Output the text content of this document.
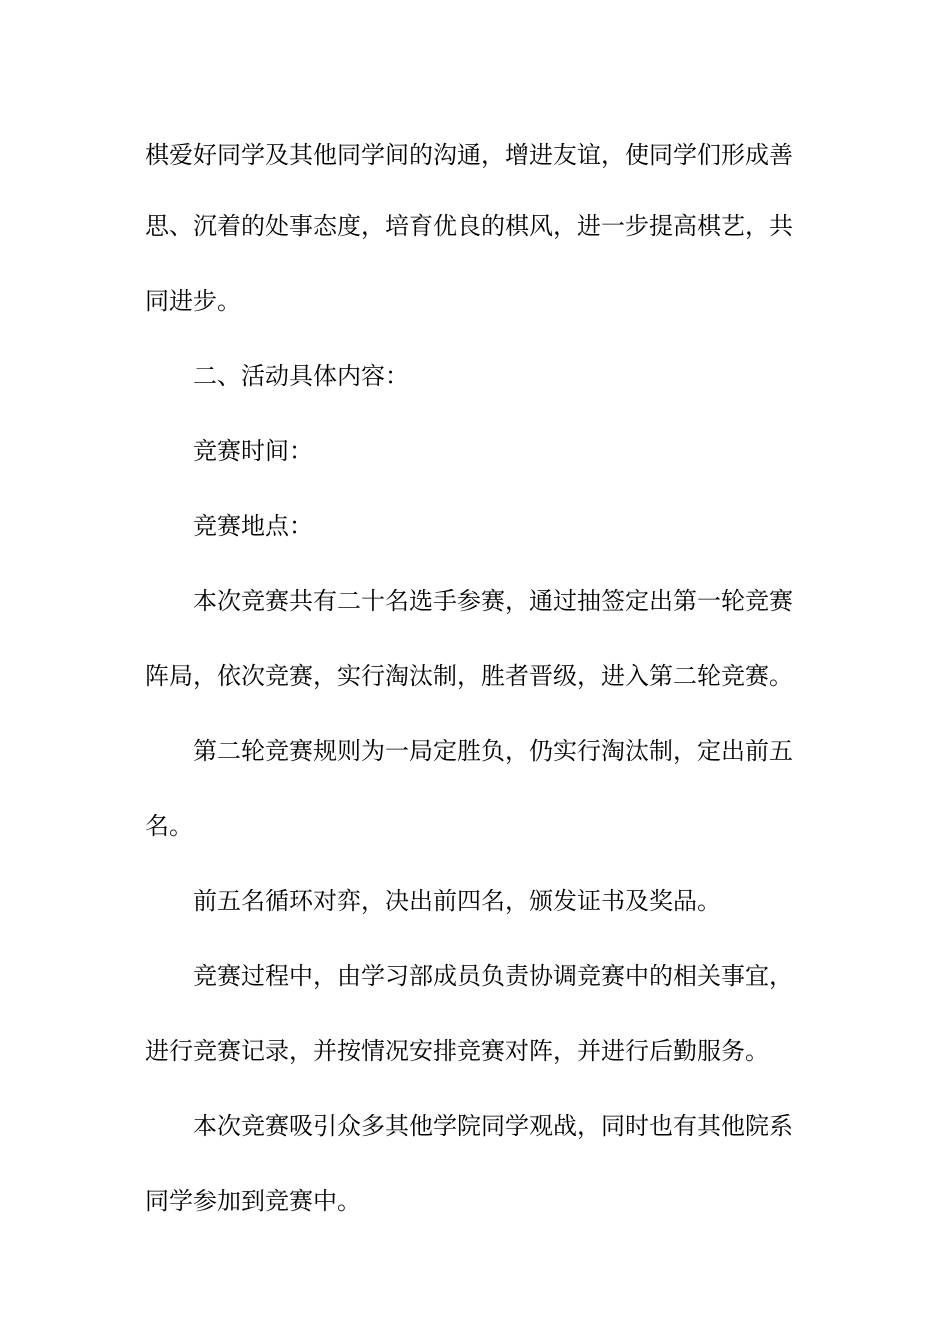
棋爱好同学及其他同学间的沟通，增进友谊，使同学们形成善
思、沉着的处事态度，培育优良的棋风，进一步提高棋艺，共
同进步。
二、活动具体内容：
竞赛时间：
竞赛地点：
本次竞赛共有二十名选手参赛，通过抽签定出第一轮竞赛
阵局，依次竞赛，实行淘汰制，胜者晋级，进入第二轮竞赛。
第二轮竞赛规则为一局定胜负，仍实行淘汰制，定出前五
名。
前五名循环对弈，决出前四名，颁发证书及奖品。
竞赛过程中，由学习部成员负责协调竞赛中的相关事宜，
进行竞赛记录，并按情况安排竞赛对阵，并进行后勤服务。
本次竞赛吸引众多其他学院同学观战，同时也有其他院系
同学参加到竞赛中。
